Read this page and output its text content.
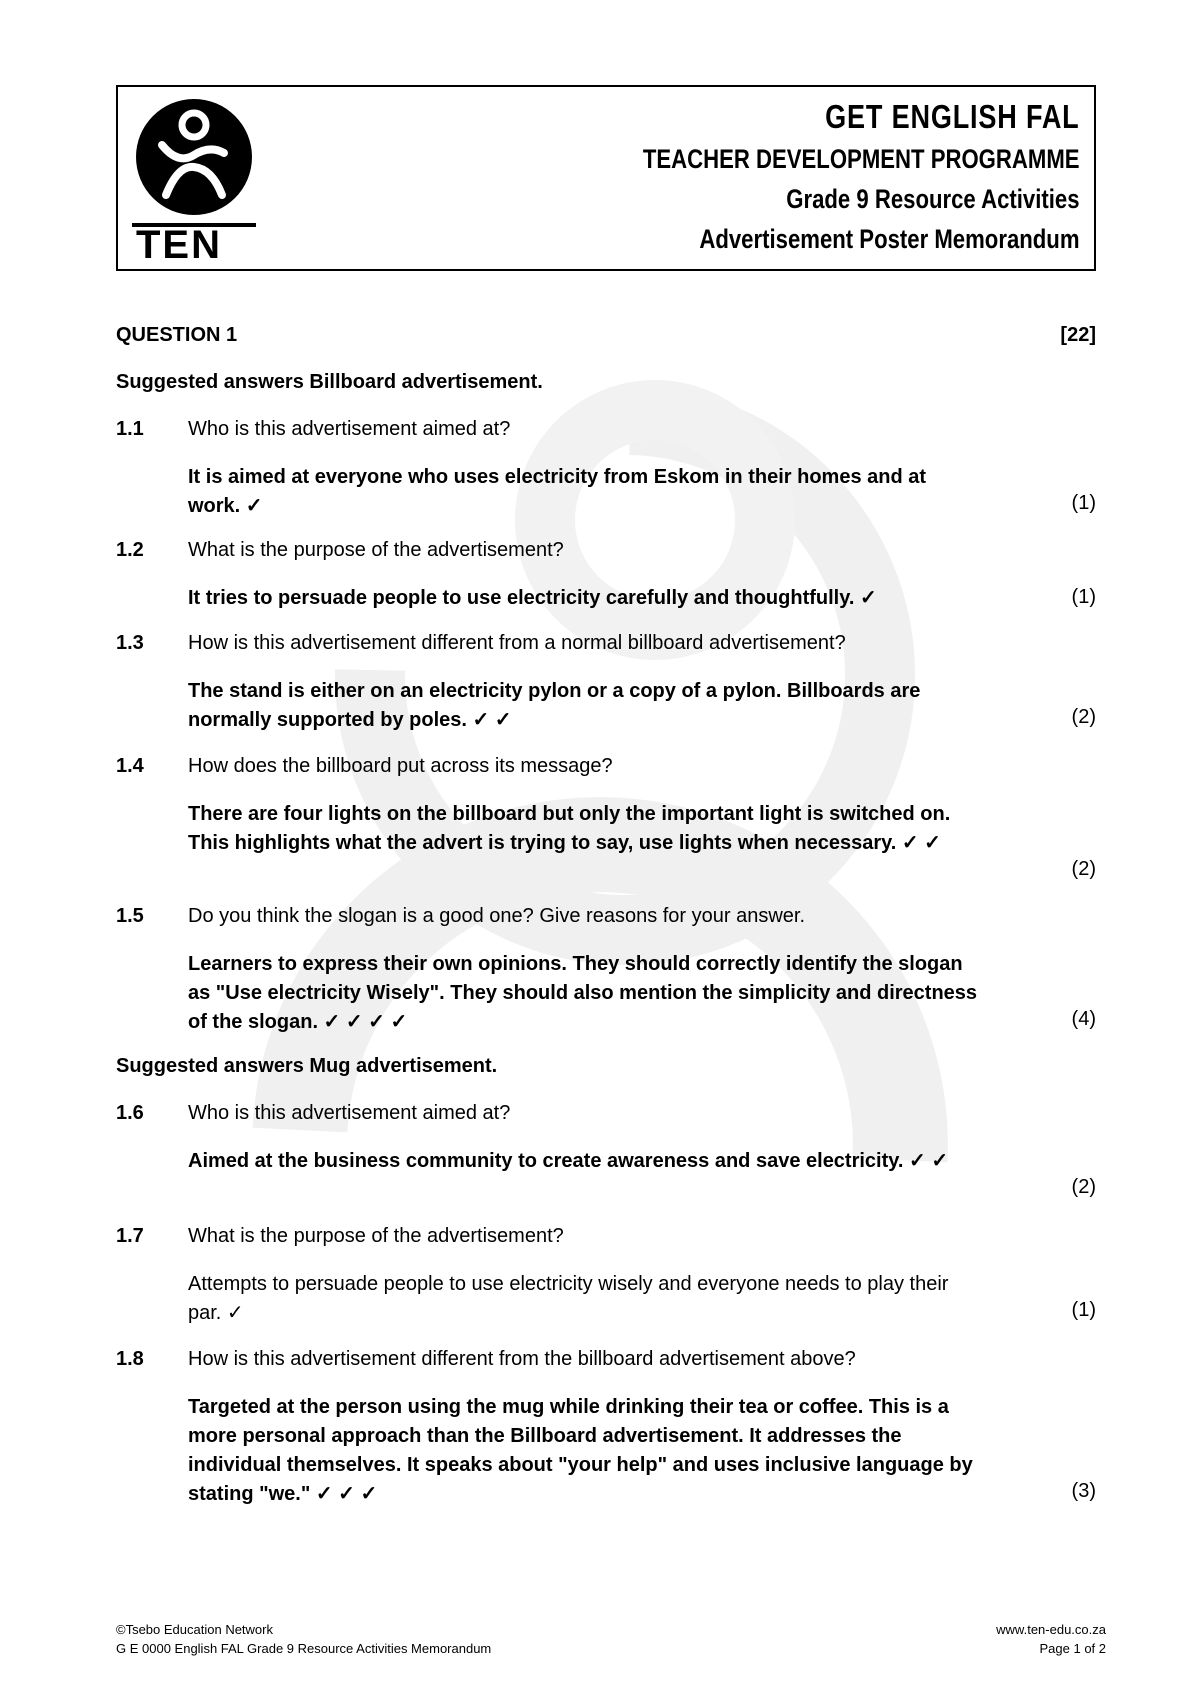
TEN
GET ENGLISH FAL
TEACHER DEVELOPMENT PROGRAMME
Grade 9 Resource Activities
Advertisement Poster Memorandum
QUESTION 1	[22]
Suggested answers Billboard advertisement.
1.1 Who is this advertisement aimed at?
It is aimed at everyone who uses electricity from Eskom in their homes and at work. ✓	(1)
1.2 What is the purpose of the advertisement?
It tries to persuade people to use electricity carefully and thoughtfully. ✓	(1)
1.3 How is this advertisement different from a normal billboard advertisement?
The stand is either on an electricity pylon or a copy of a pylon. Billboards are normally supported by poles. ✓ ✓	(2)
1.4 How does the billboard put across its message?
There are four lights on the billboard but only the important light is switched on. This highlights what the advert is trying to say, use lights when necessary. ✓ ✓
(2)
1.5 Do you think the slogan is a good one? Give reasons for your answer.
Learners to express their own opinions. They should correctly identify the slogan as "Use electricity Wisely". They should also mention the simplicity and directness of the slogan. ✓ ✓ ✓ ✓	(4)
Suggested answers Mug advertisement.
1.6 Who is this advertisement aimed at?
Aimed at the business community to create awareness and save electricity. ✓ ✓
(2)
1.7 What is the purpose of the advertisement?
Attempts to persuade people to use electricity wisely and everyone needs to play their par. ✓	(1)
1.8 How is this advertisement different from the billboard advertisement above?
Targeted at the person using the mug while drinking their tea or coffee. This is a more personal approach than the Billboard advertisement. It addresses the individual themselves. It speaks about "your help" and uses inclusive language by stating "we." ✓ ✓ ✓	(3)
©Tsebo Education Network
G E 0000 English FAL Grade 9 Resource Activities Memorandum
www.ten-edu.co.za
Page 1 of 2
